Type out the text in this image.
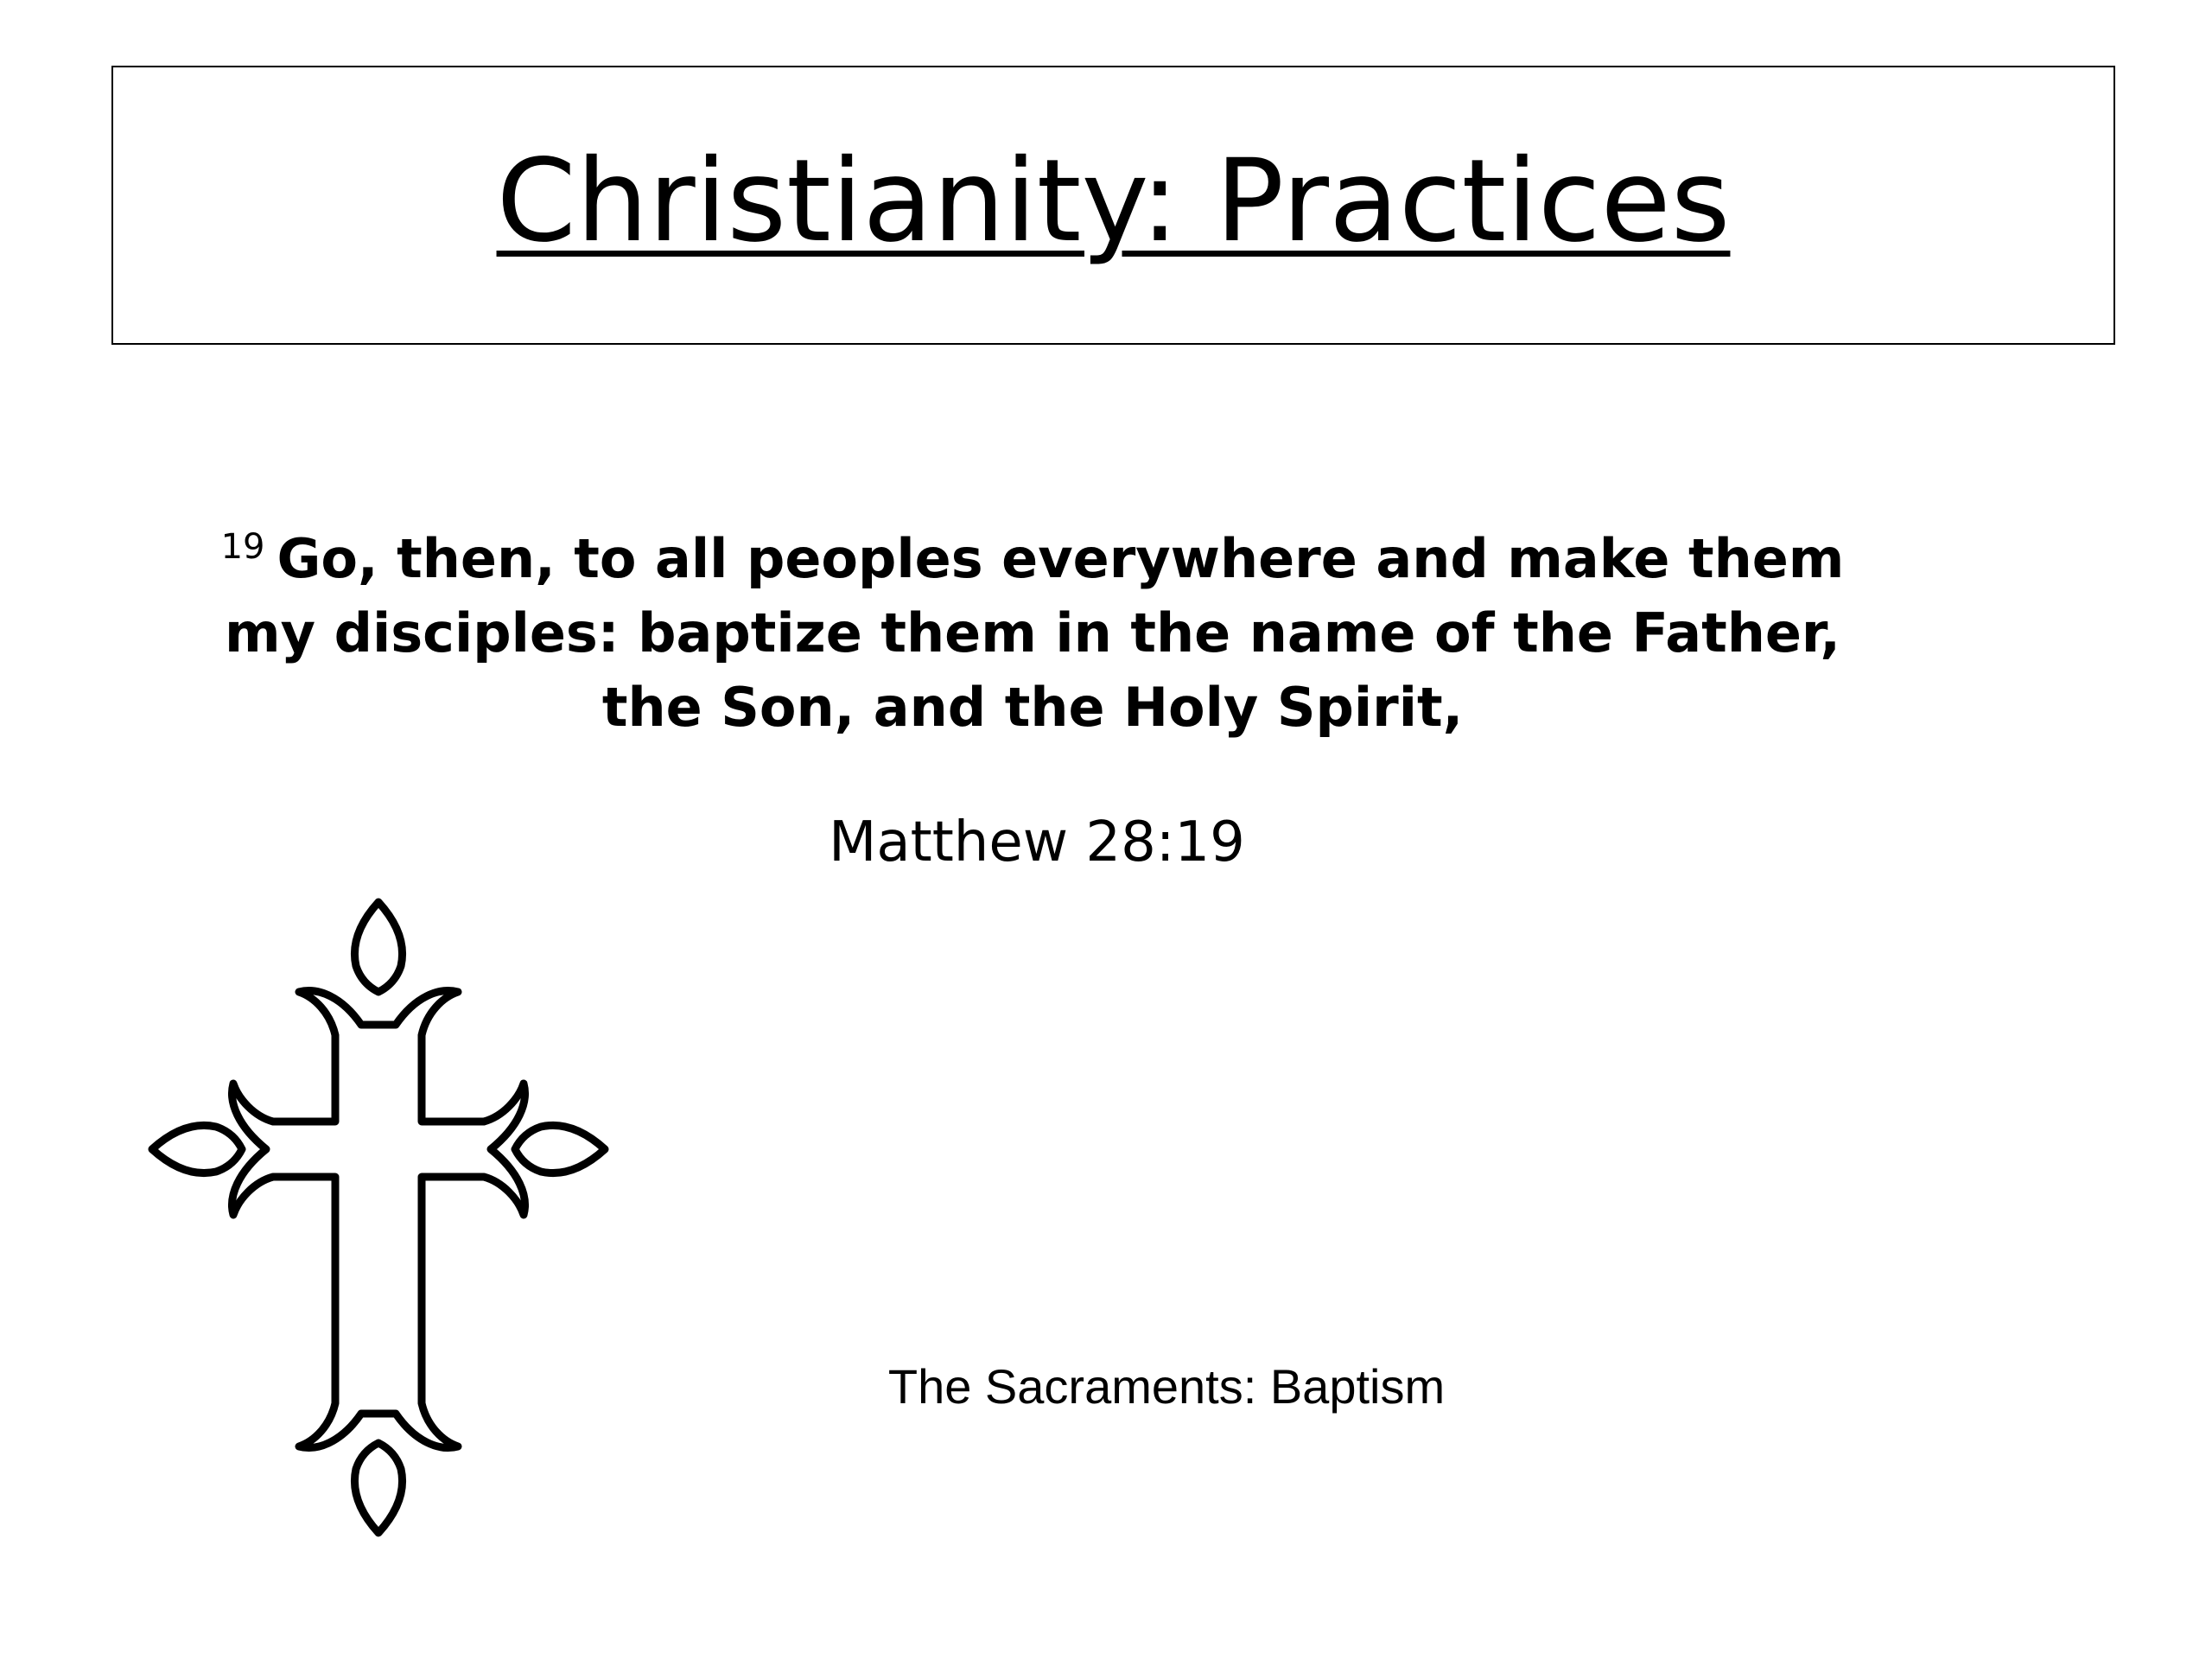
Christianity: Practices
$^{19}$ Go, then, to all peoples everywhere and make them
my disciples: baptize them in the name of the Father,
the Son, and the Holy Spirit,
Matthew 28:19
The Sacraments: Baptism
